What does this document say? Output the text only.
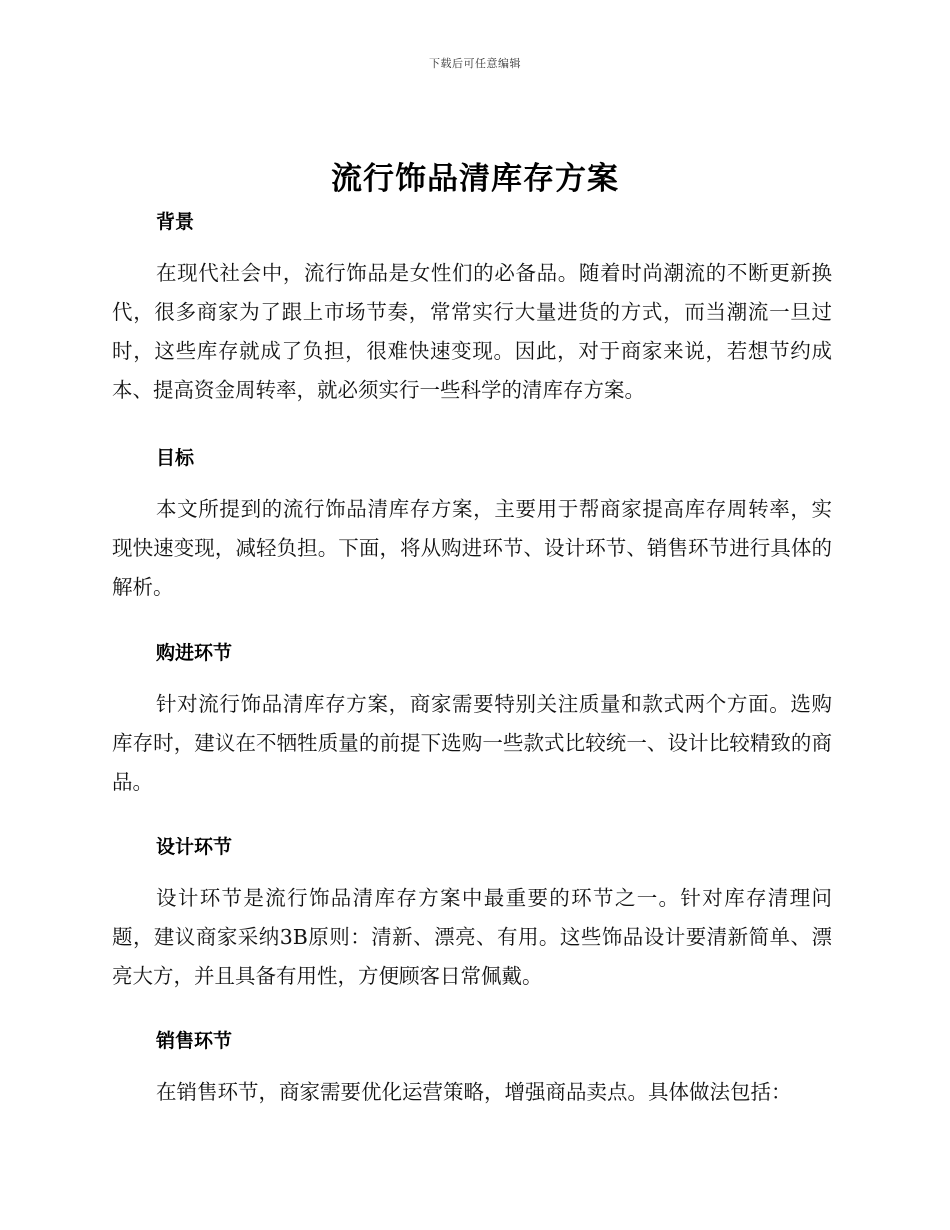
下载后可任意编辑
流行饰品清库存方案
背景

在现代社会中，流行饰品是女性们的必备品。随着时尚潮流的不断更新换代，很多商家为了跟上市场节奏，常常实行大量进货的方式，而当潮流一旦过时，这些库存就成了负担，很难快速变现。因此，对于商家来说，若想节约成本、提高资金周转率，就必须实行一些科学的清库存方案。

目标

本文所提到的流行饰品清库存方案，主要用于帮商家提高库存周转率，实现快速变现，减轻负担。下面，将从购进环节、设计环节、销售环节进行具体的解析。

购进环节

针对流行饰品清库存方案，商家需要特别关注质量和款式两个方面。选购库存时，建议在不牺牲质量的前提下选购一些款式比较统一、设计比较精致的商品。

设计环节

设计环节是流行饰品清库存方案中最重要的环节之一。针对库存清理问题，建议商家采纳3B原则：清新、漂亮、有用。这些饰品设计要清新简单、漂亮大方，并且具备有用性，方便顾客日常佩戴。

销售环节

在销售环节，商家需要优化运营策略，增强商品卖点。具体做法包括：
